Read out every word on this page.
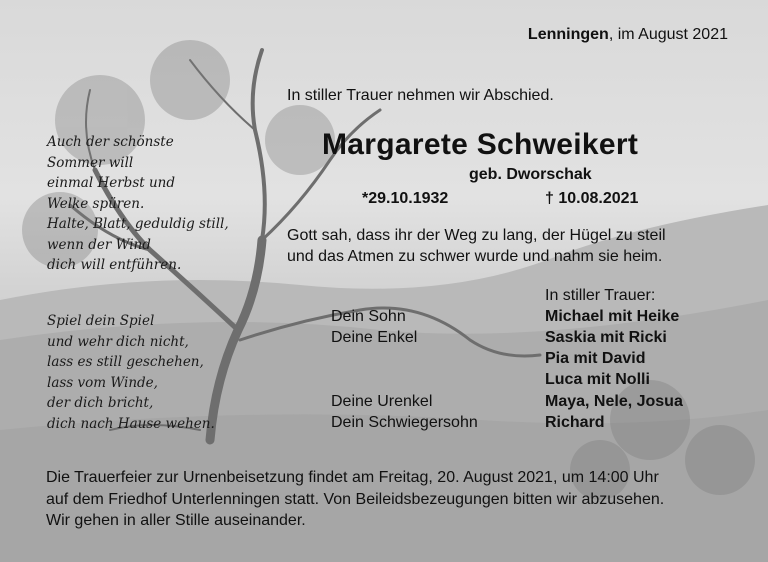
Lenningen, im August 2021
In stiller Trauer nehmen wir Abschied.
Margarete Schweikert
geb. Dworschak
*29.10.1932	† 10.08.2021
Gott sah, dass ihr der Weg zu lang, der Hügel zu steil
und das Atmen zu schwer wurde und nahm sie heim.
Auch der schönste
Sommer will
einmal Herbst und
Welke spüren.
Halte, Blatt, geduldig still,
wenn der Wind
dich will entführen.
Spiel dein Spiel
und wehr dich nicht,
lass es still geschehen,
lass vom Winde,
der dich bricht,
dich nach Hause wehen.
In stiller Trauer:
Dein Sohn	Michael mit Heike
Deine Enkel	Saskia mit Ricki
Pia mit David
Luca mit Nolli
Deine Urenkel	Maya, Nele, Josua
Dein Schwiegersohn	Richard
Die Trauerfeier zur Urnenbeisetzung findet am Freitag, 20. August 2021, um 14:00 Uhr
auf dem Friedhof Unterlenningen statt. Von Beileidsbezeugungen bitten wir abzusehen.
Wir gehen in aller Stille auseinander.
